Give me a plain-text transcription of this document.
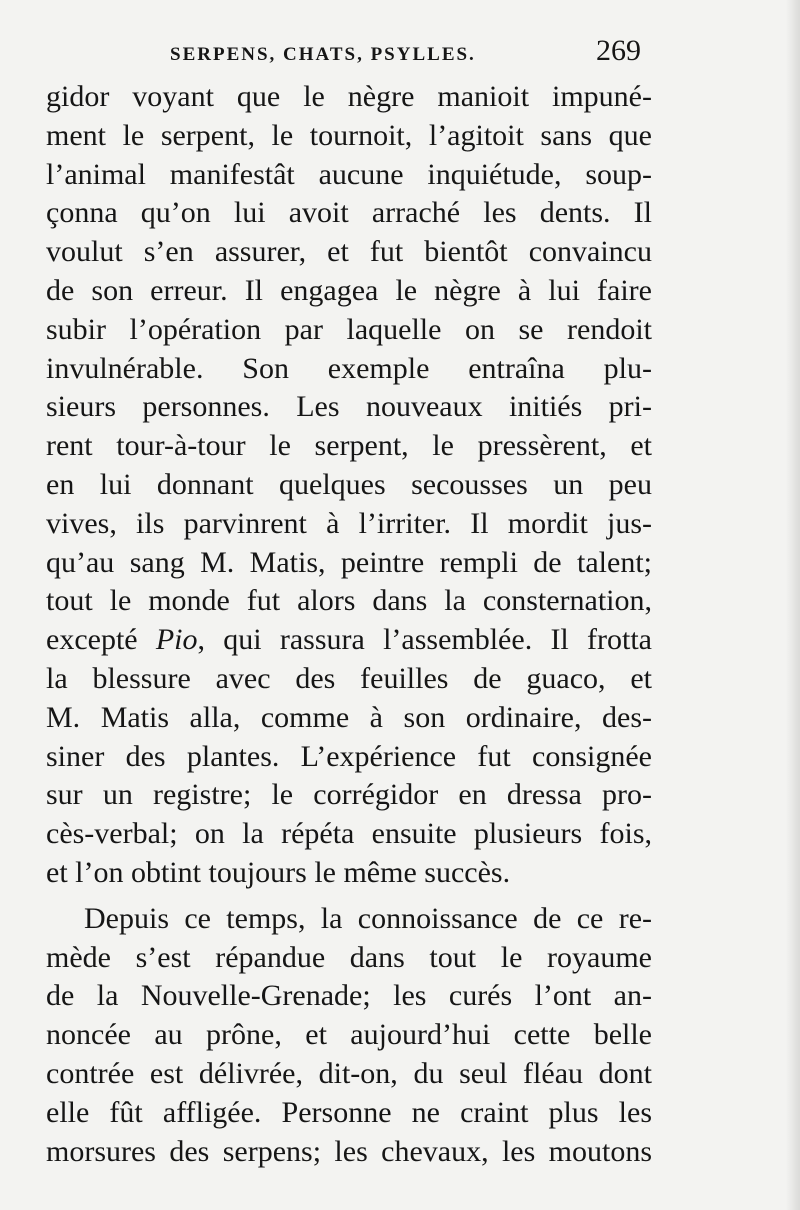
SERPENS, CHATS, PSYLLES.	269
gidor voyant que le nègre manioit impuné-
ment le serpent, le tournoit, l’agitoit sans que
l’animal manifestât aucune inquiétude, soup-
çonna qu’on lui avoit arraché les dents. Il
voulut s’en assurer, et fut bientôt convaincu
de son erreur. Il engagea le nègre à lui faire
subir l’opération par laquelle on se rendoit
invulnérable. Son exemple entraîna plu-
sieurs personnes. Les nouveaux initiés pri-
rent tour-à-tour le serpent, le pressèrent, et
en lui donnant quelques secousses un peu
vives, ils parvinrent à l’irriter. Il mordit jus-
qu’au sang M. Matis, peintre rempli de talent;
tout le monde fut alors dans la consternation,
excepté Pio, qui rassura l’assemblée. Il frotta
la blessure avec des feuilles de guaco, et
M. Matis alla, comme à son ordinaire, des-
siner des plantes. L’expérience fut consignée
sur un registre; le corrégidor en dressa pro-
cès-verbal; on la répéta ensuite plusieurs fois,
et l’on obtint toujours le même succès.
Depuis ce temps, la connoissance de ce re-
mède s’est répandue dans tout le royaume
de la Nouvelle-Grenade; les curés l’ont an-
noncée au prône, et aujourd’hui cette belle
contrée est délivrée, dit-on, du seul fléau dont
elle fût affligée. Personne ne craint plus les
morsures des serpens; les chevaux, les moutons
